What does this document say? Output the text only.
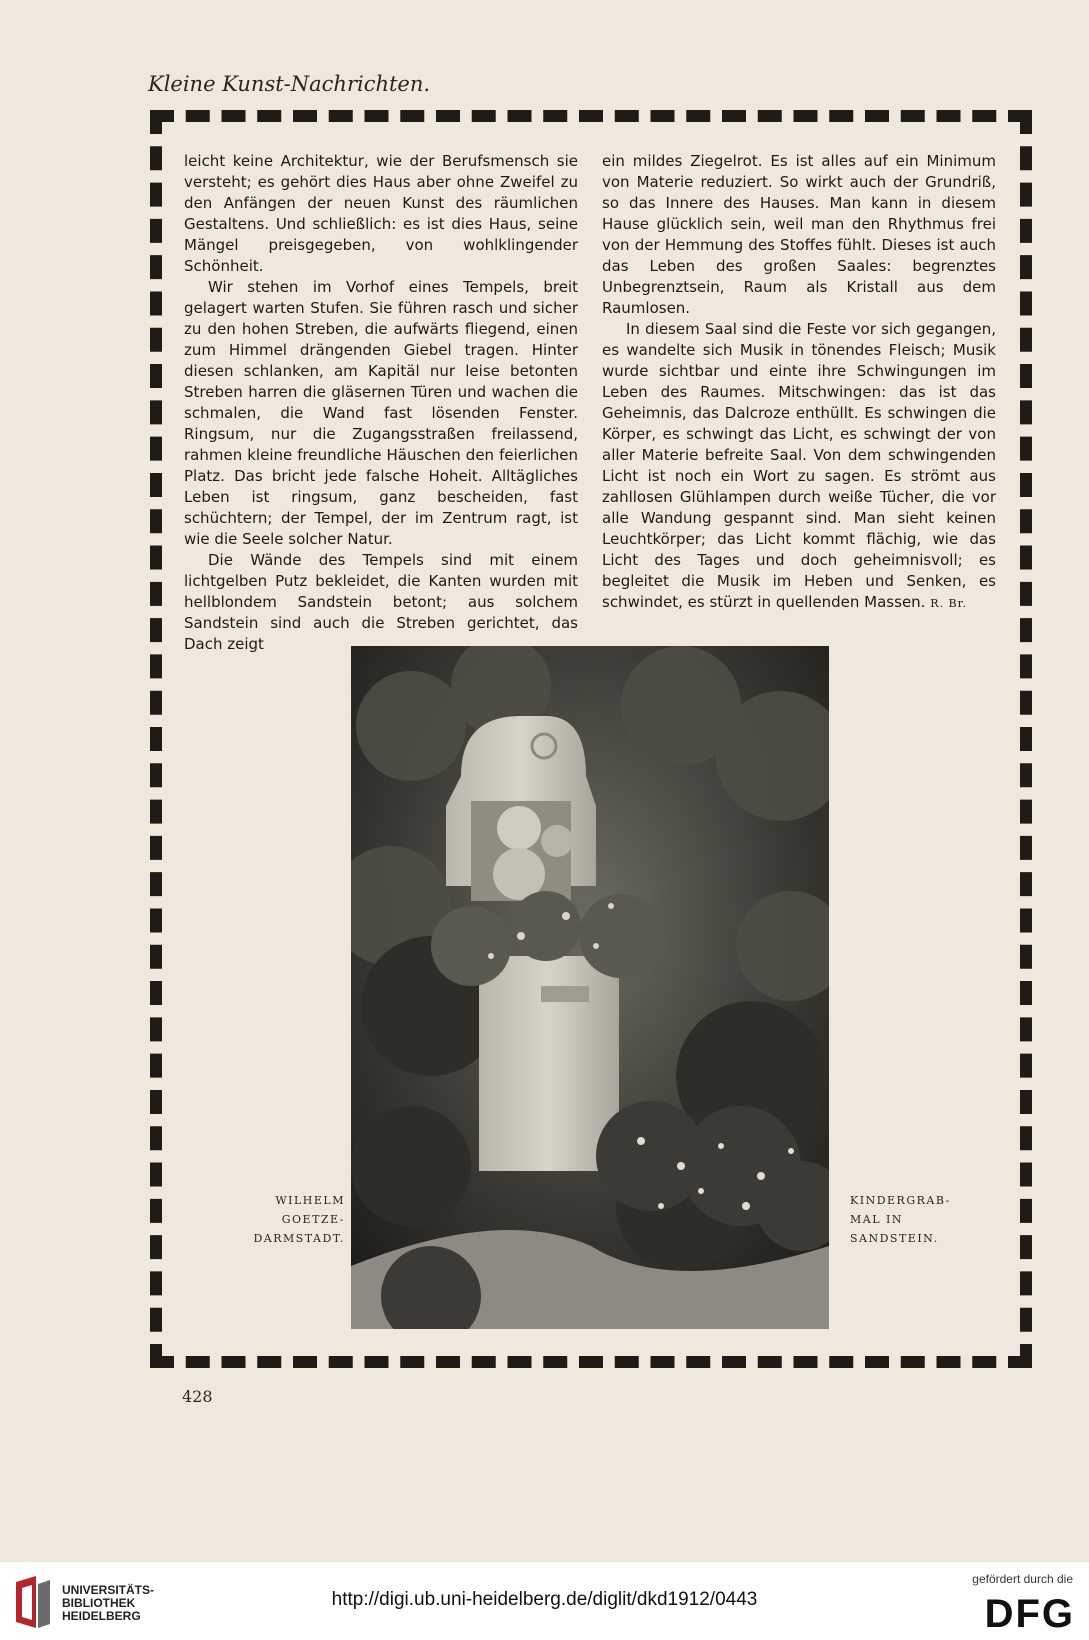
Kleine Kunst-Nachrichten.

leicht keine Architektur, wie der Berufsmensch sie versteht; es gehört dies Haus aber ohne Zweifel zu den Anfängen der neuen Kunst des räumlichen Gestaltens. Und schließlich: es ist dies Haus, seine Mängel preisgegeben, von wohlklingender Schönheit.

Wir stehen im Vorhof eines Tempels, breit gelagert warten Stufen. Sie führen rasch und sicher zu den hohen Streben, die aufwärts fliegend, einen zum Himmel drängenden Giebel tragen. Hinter diesen schlanken, am Kapitäl nur leise betonten Streben harren die gläsernen Türen und wachen die schmalen, die Wand fast lösenden Fenster. Ringsum, nur die Zugangsstraßen freilassend, rahmen kleine freundliche Häuschen den feierlichen Platz. Das bricht jede falsche Hoheit. Alltägliches Leben ist ringsum, ganz bescheiden, fast schüchtern; der Tempel, der im Zentrum ragt, ist wie die Seele solcher Natur.

Die Wände des Tempels sind mit einem lichtgelben Putz bekleidet, die Kanten wurden mit hellblondem Sandstein betont; aus solchem Sandstein sind auch die Streben gerichtet, das Dach zeigt

ein mildes Ziegelrot. Es ist alles auf ein Minimum von Materie reduziert. So wirkt auch der Grundriß, so das Innere des Hauses. Man kann in diesem Hause glücklich sein, weil man den Rhythmus frei von der Hemmung des Stoffes fühlt. Dieses ist auch das Leben des großen Saales: begrenztes Unbegrenztsein, Raum als Kristall aus dem Raumlosen.

In diesem Saal sind die Feste vor sich gegangen, es wandelte sich Musik in tönendes Fleisch; Musik wurde sichtbar und einte ihre Schwingungen im Leben des Raumes. Mitschwingen: das ist das Geheimnis, das Dalcroze enthüllt. Es schwingen die Körper, es schwingt das Licht, es schwingt der von aller Materie befreite Saal. Von dem schwingenden Licht ist noch ein Wort zu sagen. Es strömt aus zahllosen Glühlampen durch weiße Tücher, die vor alle Wandung gespannt sind. Man sieht keinen Leuchtkörper; das Licht kommt flächig, wie das Licht des Tages und doch geheimnisvoll; es begleitet die Musik im Heben und Senken, es schwindet, es stürzt in quellenden Massen. R. Br.

WILHELM
GOETZE-
DARMSTADT.
KINDERGRAB-
MAL IN
SANDSTEIN.
428
UNIVERSITÄTS-
BIBLIOTHEK
HEIDELBERG
http://digi.ub.uni-heidelberg.de/diglit/dkd1912/0443
gefördert durch die
DFG
